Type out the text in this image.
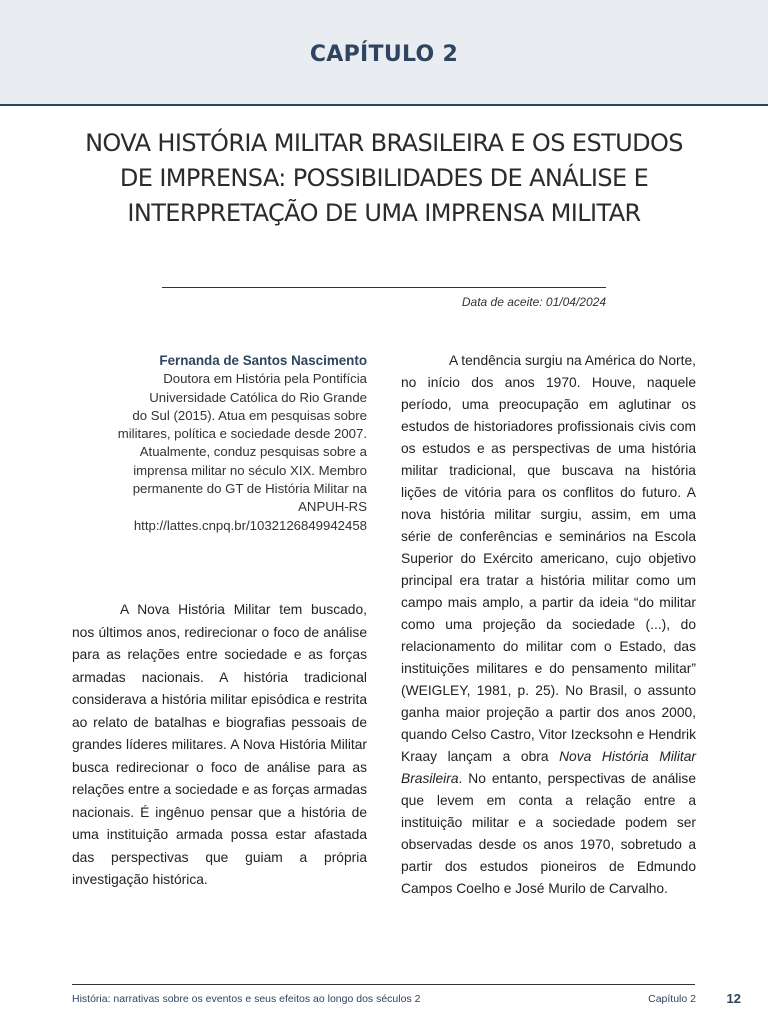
CAPÍTULO 2
NOVA HISTÓRIA MILITAR BRASILEIRA E OS ESTUDOS
DE IMPRENSA: POSSIBILIDADES DE ANÁLISE E
INTERPRETAÇÃO DE UMA IMPRENSA MILITAR
Data de aceite: 01/04/2024
Fernanda de Santos Nascimento
Doutora em História pela Pontifícia
Universidade Católica do Rio Grande
do Sul (2015). Atua em pesquisas sobre
militares, política e sociedade desde 2007.
Atualmente, conduz pesquisas sobre a
imprensa militar no século XIX. Membro
permanente do GT de História Militar na
ANPUH-RS
http://lattes.cnpq.br/1032126849942458

A Nova História Militar tem buscado, nos últimos anos, redirecionar o foco de análise para as relações entre sociedade e as forças armadas nacionais. A história tradicional considerava a história militar episódica e restrita ao relato de batalhas e biografias pessoais de grandes líderes militares. A Nova História Militar busca redirecionar o foco de análise para as relações entre a sociedade e as forças armadas nacionais. É ingênuo pensar que a história de uma instituição armada possa estar afastada das perspectivas que guiam a própria investigação histórica.

A tendência surgiu na América do Norte, no início dos anos 1970. Houve, naquele período, uma preocupação em aglutinar os estudos de historiadores profissionais civis com os estudos e as perspectivas de uma história militar tradicional, que buscava na história lições de vitória para os conflitos do futuro. A nova história militar surgiu, assim, em uma série de conferências e seminários na Escola Superior do Exército americano, cujo objetivo principal era tratar a história militar como um campo mais amplo, a partir da ideia “do militar como uma projeção da sociedade (...), do relacionamento do militar com o Estado, das instituições militares e do pensamento militar” (WEIGLEY, 1981, p. 25). No Brasil, o assunto ganha maior projeção a partir dos anos 2000, quando Celso Castro, Vitor Izecksohn e Hendrik Kraay lançam a obra Nova História Militar Brasileira. No entanto, perspectivas de análise que levem em conta a relação entre a instituição militar e a sociedade podem ser observadas desde os anos 1970, sobretudo a partir dos estudos pioneiros de Edmundo Campos Coelho e José Murilo de Carvalho.

História: narrativas sobre os eventos e seus efeitos ao longo dos séculos 2	Capítulo 2 12
